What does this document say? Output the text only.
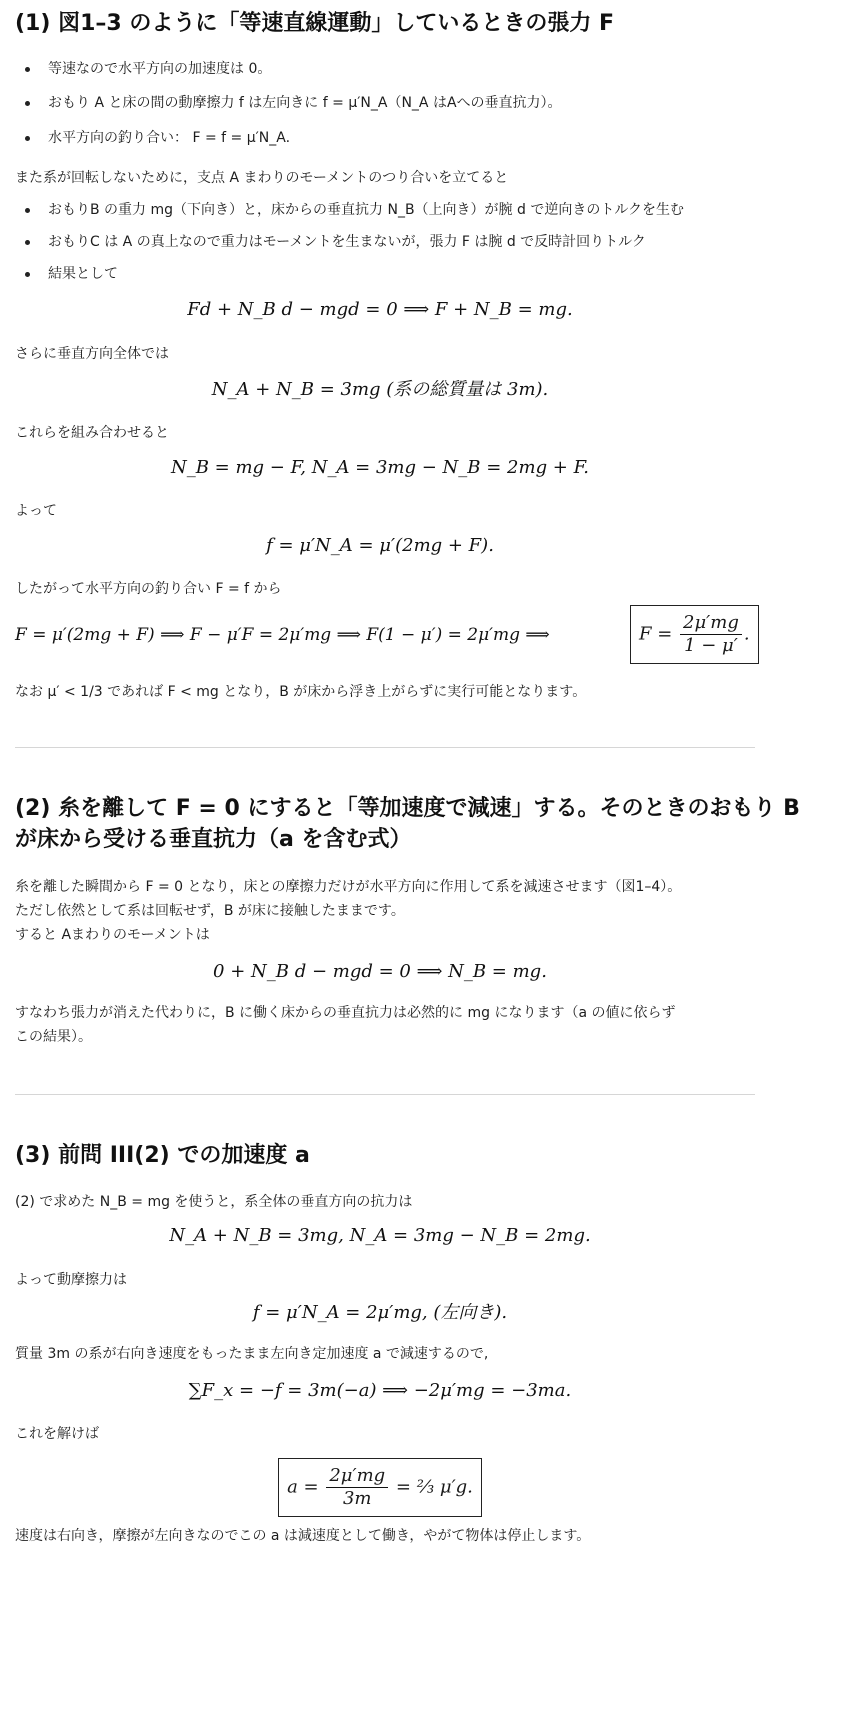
(1) 図1–3 のように「等速直線運動」しているときの張力 F
等速なので水平方向の加速度は 0。
おもり A と床の間の動摩擦力 f は左向きに f = μ′N_A（N_A はAへの垂直抗力）。
水平方向の釣り合い： F = f = μ′N_A.

また系が回転しないために，支点 A まわりのモーメントのつり合いを立てると

おもりB の重力 mg（下向き）と，床からの垂直抗力 N_B（上向き）が腕 d で逆向きのトルクを生む
おもりC は A の真上なので重力はモーメントを生まないが，張力 F は腕 d で反時計回りトルク
結果として

Fd + N_B d − mgd = 0 ⟹ F + N_B = mg.

さらに垂直方向全体では

N_A + N_B = 3mg (系の総質量は 3m).

これらを組み合わせると

N_B = mg − F, N_A = 3mg − N_B = 2mg + F.

よって

f = μ′N_A = μ′(2mg + F).

したがって水平方向の釣り合い F = f から

F = μ′(2mg + F) ⟹ F − μ′F = 2μ′mg ⟹ F(1 − μ′) = 2μ′mg ⟹	$F = \frac{2\mu'mg}{1 - \mu'}$ .

なお μ′ < 1/3 であれば F < mg となり，B が床から浮き上がらずに実行可能となります。

(2) 糸を離して F = 0 にすると「等加速度で減速」する。そのときのおもり B
が床から受ける垂直抗力（a を含む式）

糸を離した瞬間から F = 0 となり，床との摩擦力だけが水平方向に作用して系を減速させます（図1–4）。

ただし依然として系は回転せず，B が床に接触したままです。

すると Aまわりのモーメントは

0 + N_B d − mgd = 0 ⟹ N_B = mg.

すなわち張力が消えた代わりに，B に働く床からの垂直抗力は必然的に mg になります（a の値に依らずこの結果）。

(3) 前問 III(2) での加速度 a

(2) で求めた N_B = mg を使うと，系全体の垂直方向の抗力は

N_A + N_B = 3mg, N_A = 3mg − N_B = 2mg.

よって動摩擦力は

f = μ′N_A = 2μ′mg, (左向き).

質量 3m の系が右向き速度をもったまま左向き定加速度 a で減速するので,

∑F_x = −f = 3m(−a) ⟹ −2μ′mg = −3ma.

これを解けば

$a = \frac{2\mu'mg}{3m}$ = ⅔ μ′g.

速度は右向き，摩擦が左向きなのでこの a は減速度として働き，やがて物体は停止します。
